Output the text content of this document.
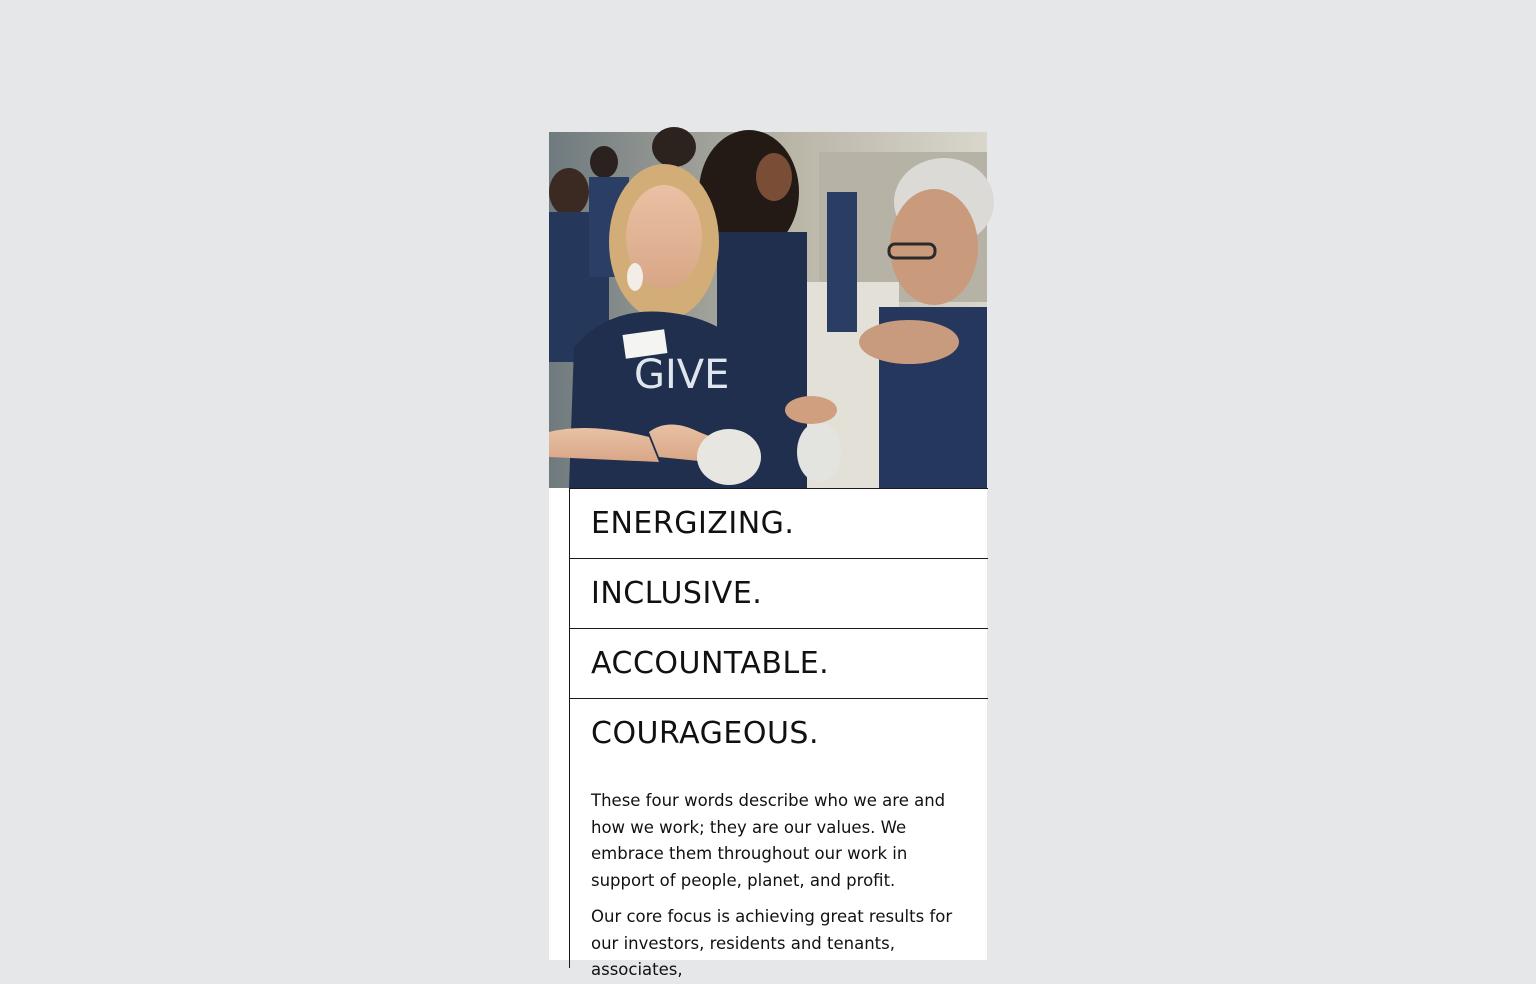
GIVE
ENERGIZING.
INCLUSIVE.
ACCOUNTABLE.
COURAGEOUS.

These four words describe who we are and how we work; they are our values. We embrace them throughout our work in support of people, planet, and profit.

Our core focus is achieving great results for our investors, residents and tenants, associates,
